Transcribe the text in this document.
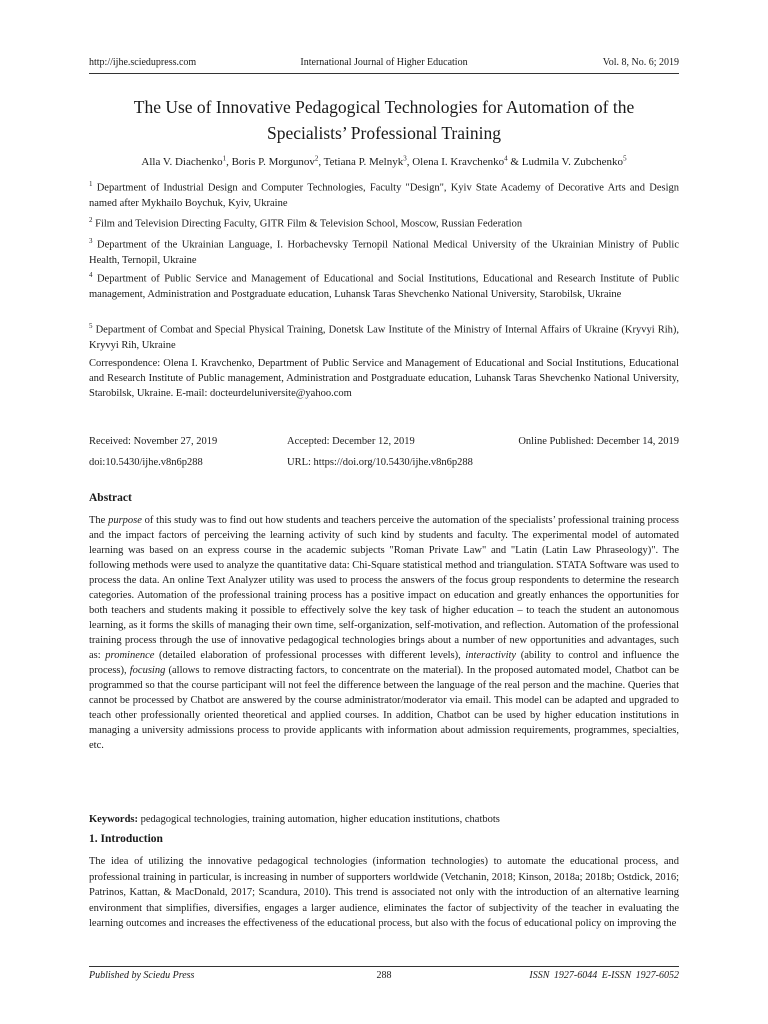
http://ijhe.sciedupress.com	International Journal of Higher Education	Vol. 8, No. 6; 2019
The Use of Innovative Pedagogical Technologies for Automation of the
Specialists’ Professional Training
Alla V. Diachenko$^1$, Boris P. Morgunov$^2$, Tetiana P. Melnyk$^3$, Olena I. Kravchenko$^4$ & Ludmila V. Zubchenko$^5$
$^1$ Department of Industrial Design and Computer Technologies, Faculty "Design", Kyiv State Academy of Decorative Arts and Design named after Mykhailo Boychuk, Kyiv, Ukraine
$^2$ Film and Television Directing Faculty, GITR Film & Television School, Moscow, Russian Federation
$^3$ Department of the Ukrainian Language, I. Horbachevsky Ternopil National Medical University of the Ukrainian Ministry of Public Health, Ternopil, Ukraine
$^4$ Department of Public Service and Management of Educational and Social Institutions, Educational and Research Institute of Public management, Administration and Postgraduate education, Luhansk Taras Shevchenko National University, Starobilsk, Ukraine
$^5$ Department of Combat and Special Physical Training, Donetsk Law Institute of the Ministry of Internal Affairs of Ukraine (Kryvyi Rih), Kryvyi Rih, Ukraine
Correspondence: Olena I. Kravchenko, Department of Public Service and Management of Educational and Social Institutions, Educational and Research Institute of Public management, Administration and Postgraduate education, Luhansk Taras Shevchenko National University, Starobilsk, Ukraine. E-mail: docteurdeluniversite@yahoo.com
Received: November 27, 2019	Accepted: December 12, 2019	Online Published: December 14, 2019
doi:10.5430/ijhe.v8n6p288	URL: https://doi.org/10.5430/ijhe.v8n6p288
Abstract
The purpose of this study was to find out how students and teachers perceive the automation of the specialists’ professional training process and the impact factors of perceiving the learning activity of such kind by students and faculty. The experimental model of automated learning was based on an express course in the academic subjects "Roman Private Law" and "Latin (Latin Law Phraseology)". The following methods were used to analyze the quantitative data: Chi-Square statistical method and triangulation. STATA Software was used to process the data. An online Text Analyzer utility was used to process the answers of the focus group respondents to determine the research categories. Automation of the professional training process has a positive impact on education and greatly enhances the opportunities for both teachers and students making it possible to effectively solve the key task of higher education – to teach the student an autonomous learning, as it forms the skills of managing their own time, self-organization, self-motivation, and reflection. Automation of the professional training process through the use of innovative pedagogical technologies brings about a number of new opportunities and advantages, such as: prominence (detailed elaboration of professional processes with different levels), interactivity (ability to control and influence the process), focusing (allows to remove distracting factors, to concentrate on the material). In the proposed automated model, Chatbot can be programmed so that the course participant will not feel the difference between the language of the real person and the machine. Queries that cannot be processed by Chatbot are answered by the course administrator/moderator via email. This model can be adapted and upgraded to teach other professionally oriented theoretical and applied courses. In addition, Chatbot can be used by higher education institutions in managing a university admissions process to provide applicants with information about admission requirements, programmes, specialties, etc.
Keywords: pedagogical technologies, training automation, higher education institutions, chatbots
1. Introduction
The idea of utilizing the innovative pedagogical technologies (information technologies) to automate the educational process, and professional training in particular, is increasing in number of supporters worldwide (Vetchanin, 2018; Kinson, 2018a; 2018b; Ostdick, 2016; Patrinos, Kattan, & MacDonald, 2017; Scandura, 2010). This trend is associated not only with the introduction of an alternative learning environment that simplifies, diversifies, engages a larger audience, eliminates the factor of subjectivity of the teacher in evaluating the learning outcomes and increases the effectiveness of the educational process, but also with the focus of educational policy on improving the
Published by Sciedu Press	288	ISSN 1927-6044 E-ISSN 1927-6052
